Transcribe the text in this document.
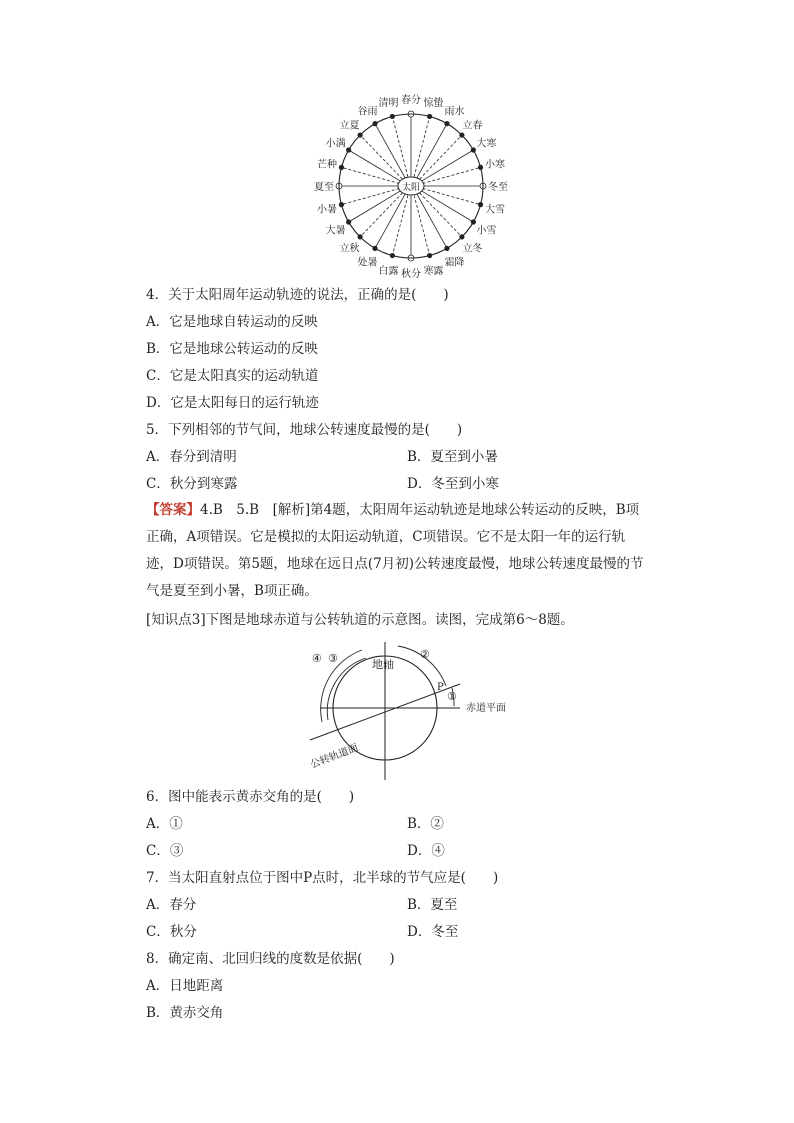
春分 惊蛰
雨水
立春
大寒
小寒
冬至
大雪
小雪
立冬
霜降
寒露
秋分
白露
处暑
立秋
大暑
小暑
夏至
芒种
小满
立夏
谷雨
清明
太阳
4．关于太阳周年运动轨迹的说法，正确的是(　　)
A．它是地球自转运动的反映
B．它是地球公转运动的反映
C．它是太阳真实的运动轨道
D．它是太阳每日的运行轨迹
5．下列相邻的节气间，地球公转速度最慢的是(　　)
A．春分到清明	B．夏至到小暑
C．秋分到寒露	D．冬至到小寒
【答案】4.B　5.B　[解析]第4题，太阳周年运动轨迹是地球公转运动的反映，B项正确，A项错误。它是模拟的太阳运动轨道，C项错误。它不是太阳一年的运行轨迹，D项错误。第5题，地球在远日点(7月初)公转速度最慢，地球公转速度最慢的节气是夏至到小暑，B项正确。
[知识点3]下图是地球赤道与公转轨道的示意图。读图，完成第6～8题。
地轴
赤道平面
P
④ ③	②
①
公转轨道面
6．图中能表示黄赤交角的是(　　)
A．①	B．②
C．③	D．④
7．当太阳直射点位于图中P点时，北半球的节气应是(　　)
A．春分	B．夏至
C．秋分	D．冬至
8．确定南、北回归线的度数是依据(　　)
A．日地距离
B．黄赤交角
